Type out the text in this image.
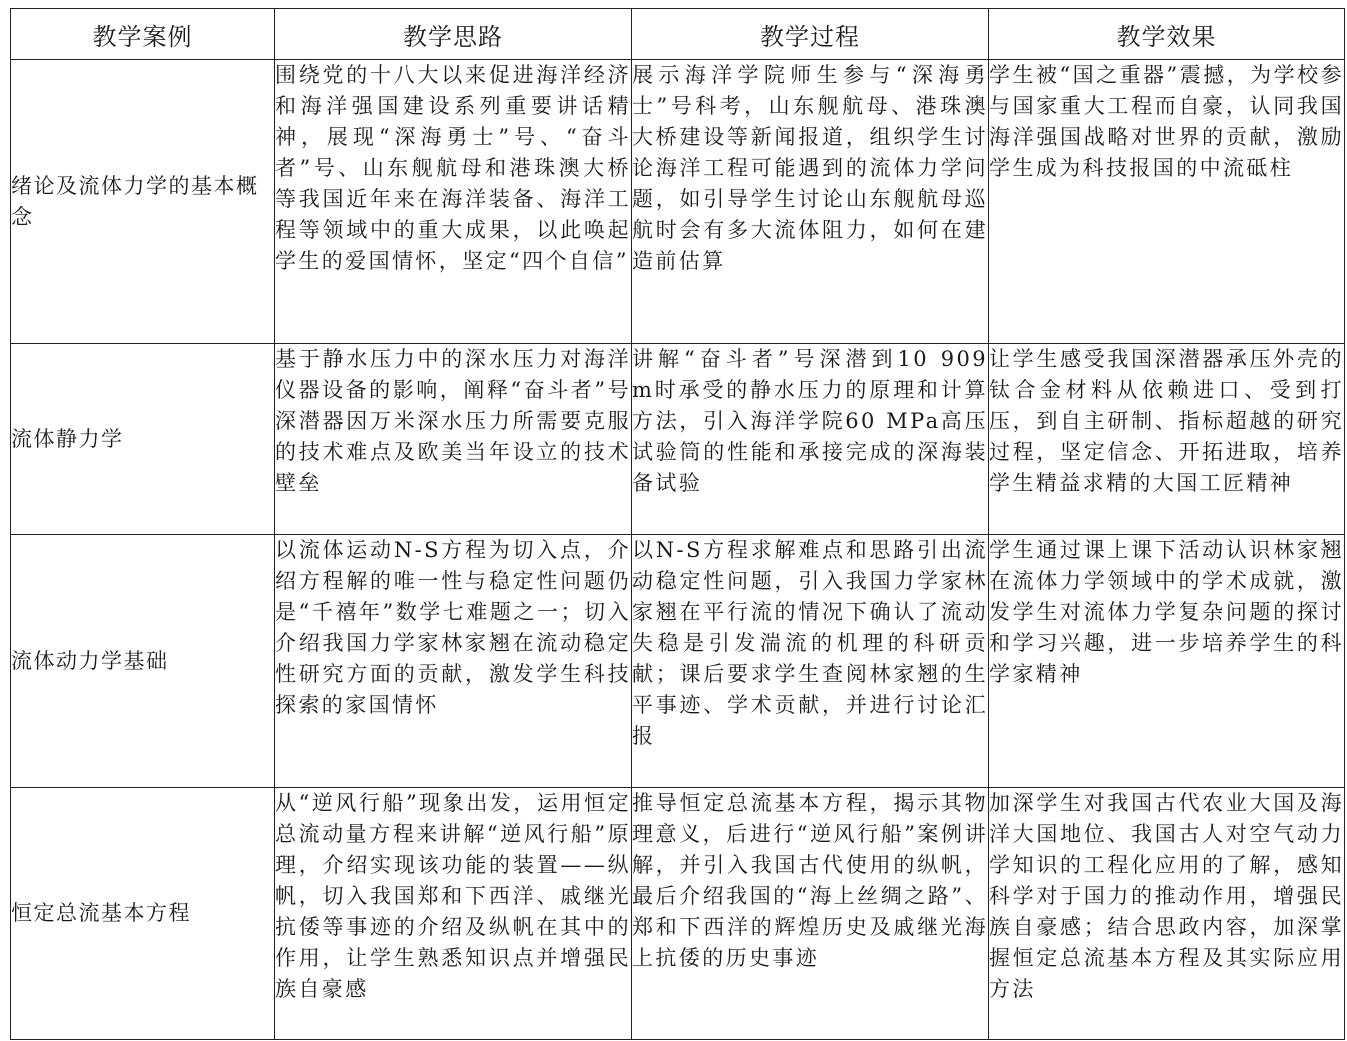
教学案例	教学思路	教学过程	教学效果
绪论及流体力学的基本概念	围绕党的十八大以来促进海洋经济和海洋强国建设系列重要讲话精神，展现“深海勇士”号、“奋斗者”号、山东舰航母和港珠澳大桥等我国近年来在海洋装备、海洋工程等领域中的重大成果，以此唤起学生的爱国情怀，坚定“四个自信”	展示海洋学院师生参与“深海勇士”号科考，山东舰航母、港珠澳大桥建设等新闻报道，组织学生讨论海洋工程可能遇到的流体力学问题，如引导学生讨论山东舰航母巡航时会有多大流体阻力，如何在建造前估算	学生被“国之重器”震撼，为学校参与国家重大工程而自豪，认同我国海洋强国战略对世界的贡献，激励学生成为科技报国的中流砥柱
流体静力学	基于静水压力中的深水压力对海洋仪器设备的影响，阐释“奋斗者”号深潜器因万米深水压力所需要克服的技术难点及欧美当年设立的技术壁垒	讲解“奋斗者”号深潜到10 909 m时承受的静水压力的原理和计算方法，引入海洋学院60 MPa高压试验筒的性能和承接完成的深海装备试验	让学生感受我国深潜器承压外壳的钛合金材料从依赖进口、受到打压，到自主研制、指标超越的研究过程，坚定信念、开拓进取，培养学生精益求精的大国工匠精神
流体动力学基础	以流体运动N-S方程为切入点，介绍方程解的唯一性与稳定性问题仍是“千禧年”数学七难题之一；切入介绍我国力学家林家翘在流动稳定性研究方面的贡献，激发学生科技探索的家国情怀	以N-S方程求解难点和思路引出流动稳定性问题，引入我国力学家林家翘在平行流的情况下确认了流动失稳是引发湍流的机理的科研贡献；课后要求学生查阅林家翘的生平事迹、学术贡献，并进行讨论汇报	学生通过课上课下活动认识林家翘在流体力学领域中的学术成就，激发学生对流体力学复杂问题的探讨和学习兴趣，进一步培养学生的科学家精神
恒定总流基本方程	从“逆风行船”现象出发，运用恒定总流动量方程来讲解“逆风行船”原理，介绍实现该功能的装置——纵帆，切入我国郑和下西洋、戚继光抗倭等事迹的介绍及纵帆在其中的作用，让学生熟悉知识点并增强民族自豪感	推导恒定总流基本方程，揭示其物理意义，后进行“逆风行船”案例讲解，并引入我国古代使用的纵帆，最后介绍我国的“海上丝绸之路”、郑和下西洋的辉煌历史及戚继光海上抗倭的历史事迹	加深学生对我国古代农业大国及海洋大国地位、我国古人对空气动力学知识的工程化应用的了解，感知科学对于国力的推动作用，增强民族自豪感；结合思政内容，加深掌握恒定总流基本方程及其实际应用方法
